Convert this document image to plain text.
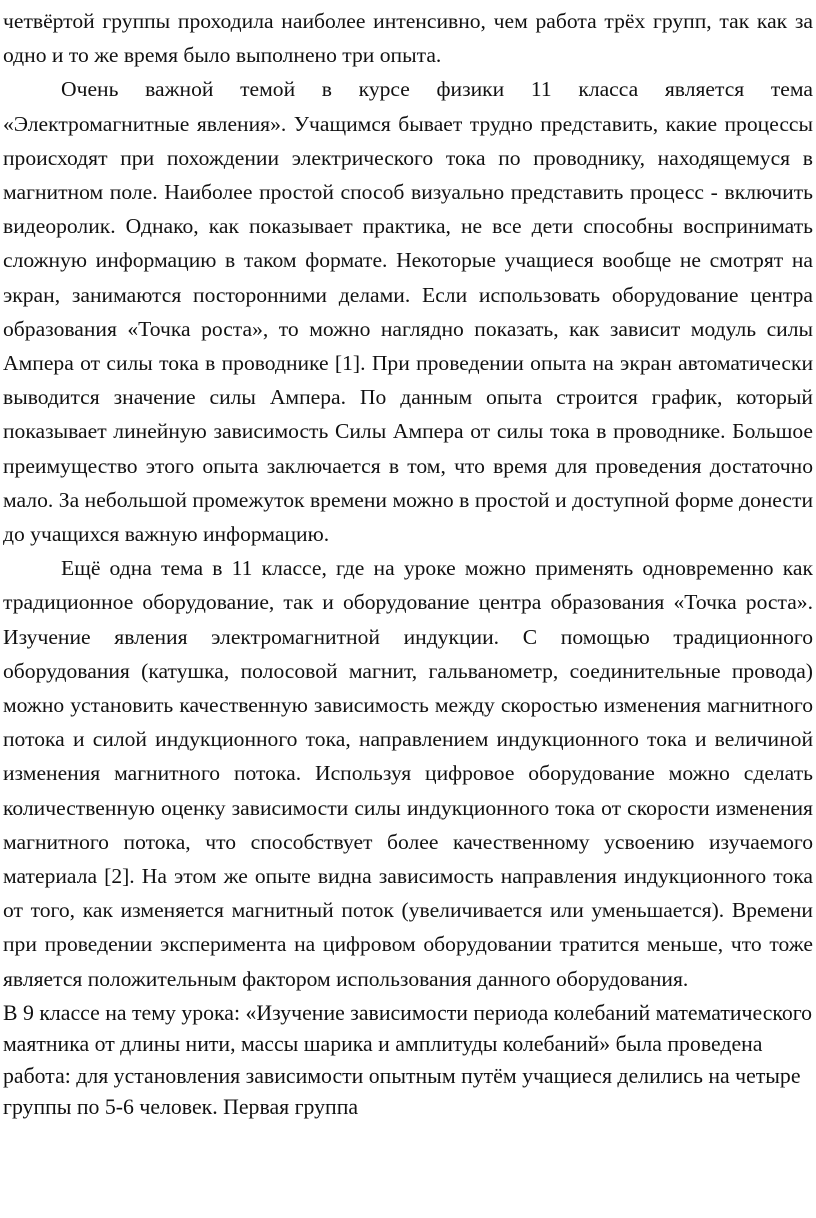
четвёртой группы проходила наиболее интенсивно, чем работа трёх групп, так как за одно и то же время было выполнено три опыта.

Очень важной темой в курсе физики 11 класса является тема «Электромагнитные явления». Учащимся бывает трудно представить, какие процессы происходят при похождении электрического тока по проводнику, находящемуся в магнитном поле. Наиболее простой способ визуально представить процесс - включить видеоролик. Однако, как показывает практика, не все дети способны воспринимать сложную информацию в таком формате. Некоторые учащиеся вообще не смотрят на экран, занимаются посторонними делами. Если использовать оборудование центра образования «Точка роста», то можно наглядно показать, как зависит модуль силы Ампера от силы тока в проводнике [1]. При проведении опыта на экран автоматически выводится значение силы Ампера. По данным опыта строится график, который показывает линейную зависимость Силы Ампера от силы тока в проводнике. Большое преимущество этого опыта заключается в том, что время для проведения достаточно мало. За небольшой промежуток времени можно в простой и доступной форме донести до учащихся важную информацию.

Ещё одна тема в 11 классе, где на уроке можно применять одновременно как традиционное оборудование, так и оборудование центра образования «Точка роста». Изучение явления электромагнитной индукции. С помощью традиционного оборудования (катушка, полосовой магнит, гальванометр, соединительные провода) можно установить качественную зависимость между скоростью изменения магнитного потока и силой индукционного тока, направлением индукционного тока и величиной изменения магнитного потока. Используя цифровое оборудование можно сделать количественную оценку зависимости силы индукционного тока от скорости изменения магнитного потока, что способствует более качественному усвоению изучаемого материала [2]. На этом же опыте видна зависимость направления индукционного тока от того, как изменяется магнитный поток (увеличивается или уменьшается). Времени при проведении эксперимента на цифровом оборудовании тратится меньше, что тоже является положительным фактором использования данного оборудования.

В 9 классе на тему урока: «Изучение зависимости периода колебаний математического маятника от длины нити, массы шарика и амплитуды колебаний» была проведена работа: для установления зависимости опытным путём учащиеся делились на четыре группы по 5-6 человек. Первая группа
